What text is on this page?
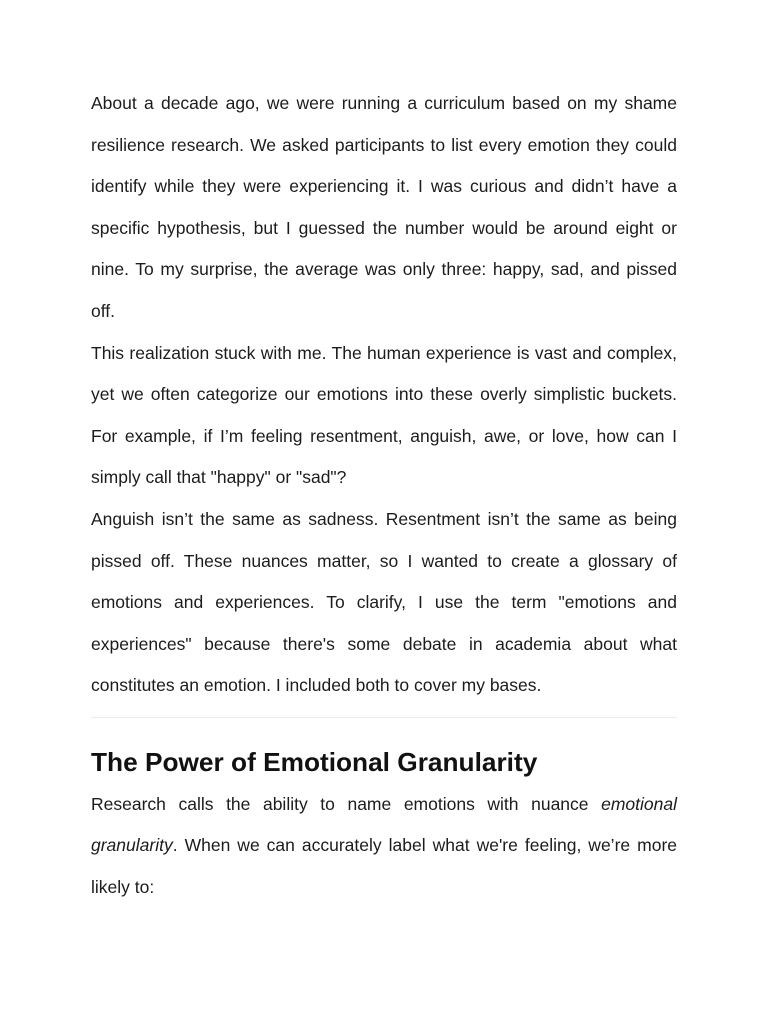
About a decade ago, we were running a curriculum based on my shame resilience research. We asked participants to list every emotion they could identify while they were experiencing it. I was curious and didn’t have a specific hypothesis, but I guessed the number would be around eight or nine. To my surprise, the average was only three: happy, sad, and pissed off.

This realization stuck with me. The human experience is vast and complex, yet we often categorize our emotions into these overly simplistic buckets. For example, if I’m feeling resentment, anguish, awe, or love, how can I simply call that "happy" or "sad"?

Anguish isn’t the same as sadness. Resentment isn’t the same as being pissed off. These nuances matter, so I wanted to create a glossary of emotions and experiences. To clarify, I use the term "emotions and experiences" because there's some debate in academia about what constitutes an emotion. I included both to cover my bases.

The Power of Emotional Granularity

Research calls the ability to name emotions with nuance emotional granularity. When we can accurately label what we're feeling, we’re more likely to:
